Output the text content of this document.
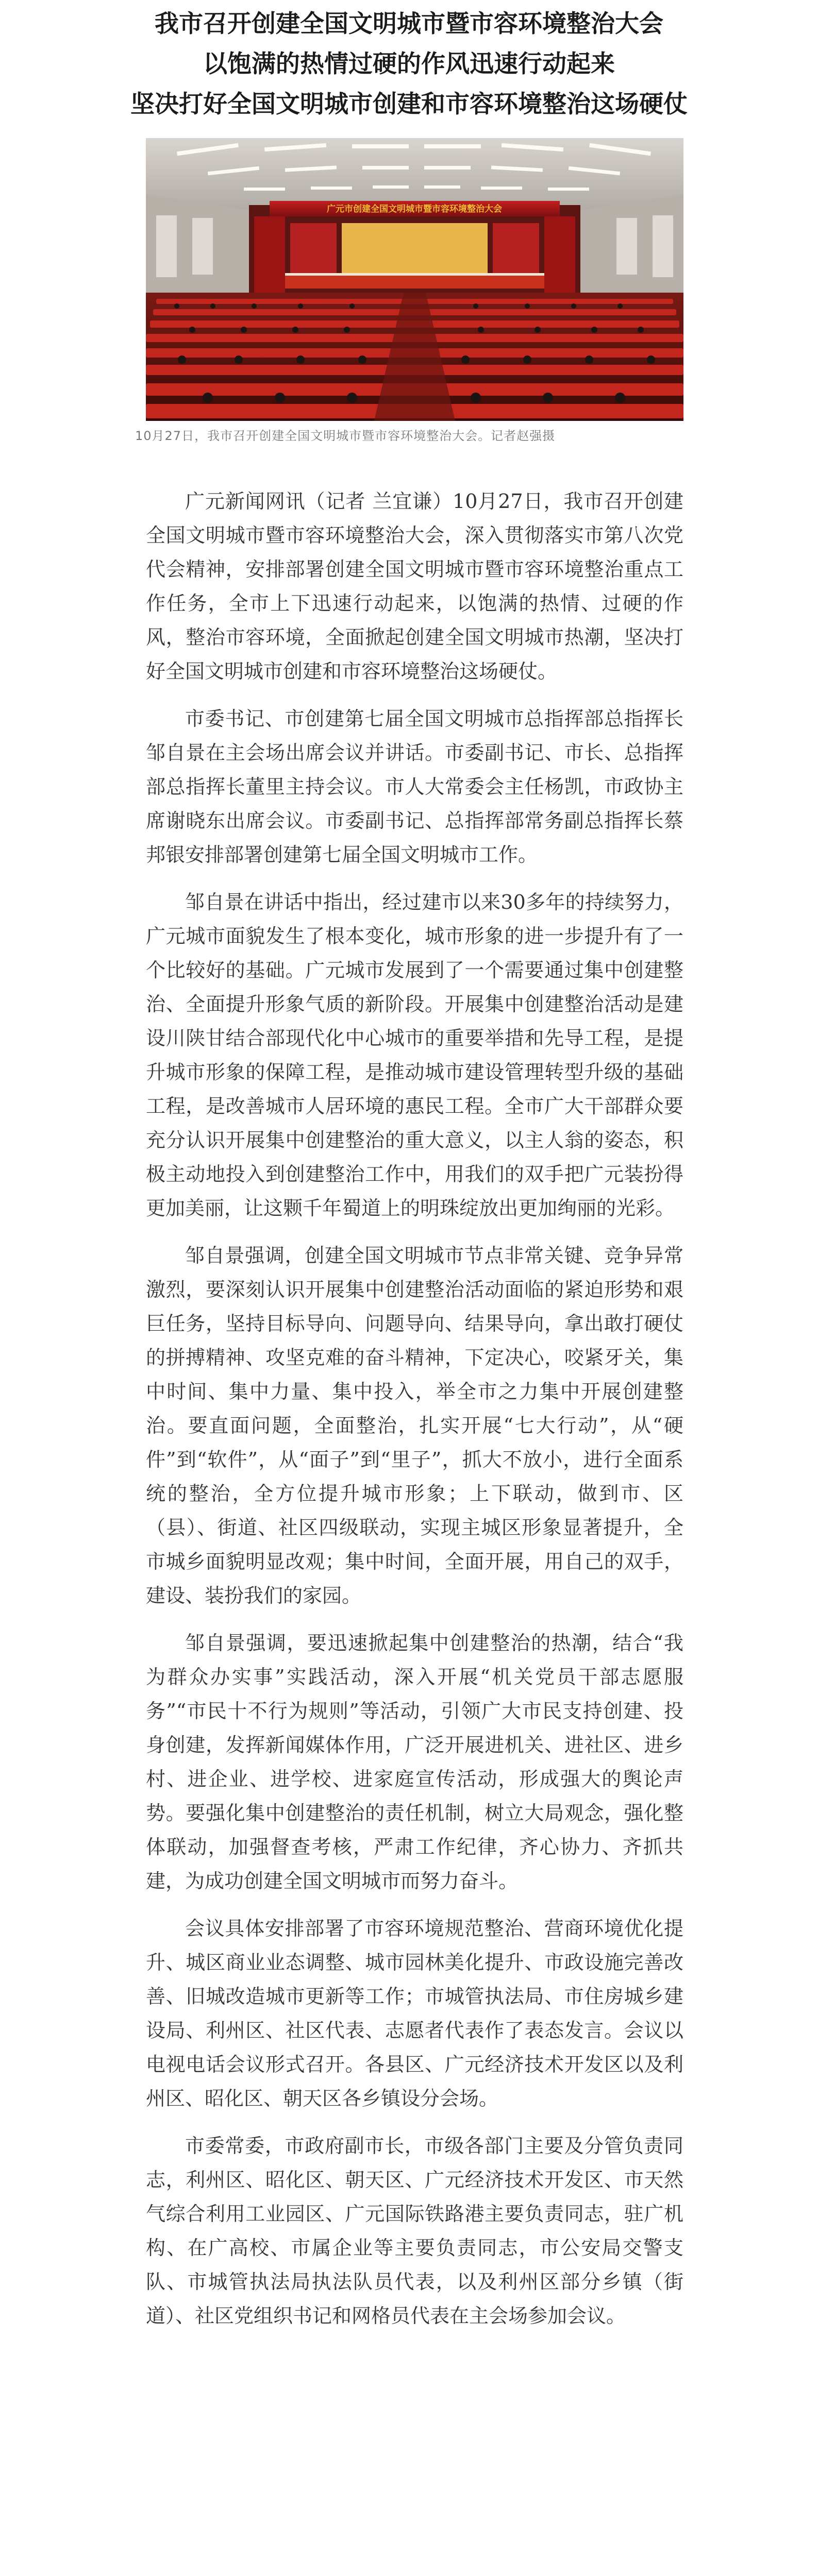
我市召开创建全国文明城市暨市容环境整治大会
以饱满的热情过硬的作风迅速行动起来
坚决打好全国文明城市创建和市容环境整治这场硬仗
广元市创建全国文明城市暨市容环境整治大会

10月27日，我市召开创建全国文明城市暨市容环境整治大会。记者赵强摄

广元新闻网讯（记者 兰宜谦）10月27日，我市召开创建全国文明城市暨市容环境整治大会，深入贯彻落实市第八次党代会精神，安排部署创建全国文明城市暨市容环境整治重点工作任务，全市上下迅速行动起来，以饱满的热情、过硬的作风，整治市容环境，全面掀起创建全国文明城市热潮，坚决打好全国文明城市创建和市容环境整治这场硬仗。

市委书记、市创建第七届全国文明城市总指挥部总指挥长邹自景在主会场出席会议并讲话。市委副书记、市长、总指挥部总指挥长董里主持会议。市人大常委会主任杨凯，市政协主席谢晓东出席会议。市委副书记、总指挥部常务副总指挥长蔡邦银安排部署创建第七届全国文明城市工作。

邹自景在讲话中指出，经过建市以来30多年的持续努力，广元城市面貌发生了根本变化，城市形象的进一步提升有了一个比较好的基础。广元城市发展到了一个需要通过集中创建整治、全面提升形象气质的新阶段。开展集中创建整治活动是建设川陕甘结合部现代化中心城市的重要举措和先导工程，是提升城市形象的保障工程，是推动城市建设管理转型升级的基础工程，是改善城市人居环境的惠民工程。全市广大干部群众要充分认识开展集中创建整治的重大意义，以主人翁的姿态，积极主动地投入到创建整治工作中，用我们的双手把广元装扮得更加美丽，让这颗千年蜀道上的明珠绽放出更加绚丽的光彩。

邹自景强调，创建全国文明城市节点非常关键、竞争异常激烈，要深刻认识开展集中创建整治活动面临的紧迫形势和艰巨任务，坚持目标导向、问题导向、结果导向，拿出敢打硬仗的拼搏精神、攻坚克难的奋斗精神，下定决心，咬紧牙关，集中时间、集中力量、集中投入，举全市之力集中开展创建整治。要直面问题，全面整治，扎实开展“七大行动”，从“硬件”到“软件”，从“面子”到“里子”，抓大不放小，进行全面系统的整治，全方位提升城市形象；上下联动，做到市、区（县）、街道、社区四级联动，实现主城区形象显著提升，全市城乡面貌明显改观；集中时间，全面开展，用自己的双手，建设、装扮我们的家园。

邹自景强调，要迅速掀起集中创建整治的热潮，结合“我为群众办实事”实践活动，深入开展“机关党员干部志愿服务”“市民十不行为规则”等活动，引领广大市民支持创建、投身创建，发挥新闻媒体作用，广泛开展进机关、进社区、进乡村、进企业、进学校、进家庭宣传活动，形成强大的舆论声势。要强化集中创建整治的责任机制，树立大局观念，强化整体联动，加强督查考核，严肃工作纪律，齐心协力、齐抓共建，为成功创建全国文明城市而努力奋斗。

会议具体安排部署了市容环境规范整治、营商环境优化提升、城区商业业态调整、城市园林美化提升、市政设施完善改善、旧城改造城市更新等工作；市城管执法局、市住房城乡建设局、利州区、社区代表、志愿者代表作了表态发言。会议以电视电话会议形式召开。各县区、广元经济技术开发区以及利州区、昭化区、朝天区各乡镇设分会场。

市委常委，市政府副市长，市级各部门主要及分管负责同志，利州区、昭化区、朝天区、广元经济技术开发区、市天然气综合利用工业园区、广元国际铁路港主要负责同志，驻广机构、在广高校、市属企业等主要负责同志，市公安局交警支队、市城管执法局执法队员代表，以及利州区部分乡镇（街道）、社区党组织书记和网格员代表在主会场参加会议。
